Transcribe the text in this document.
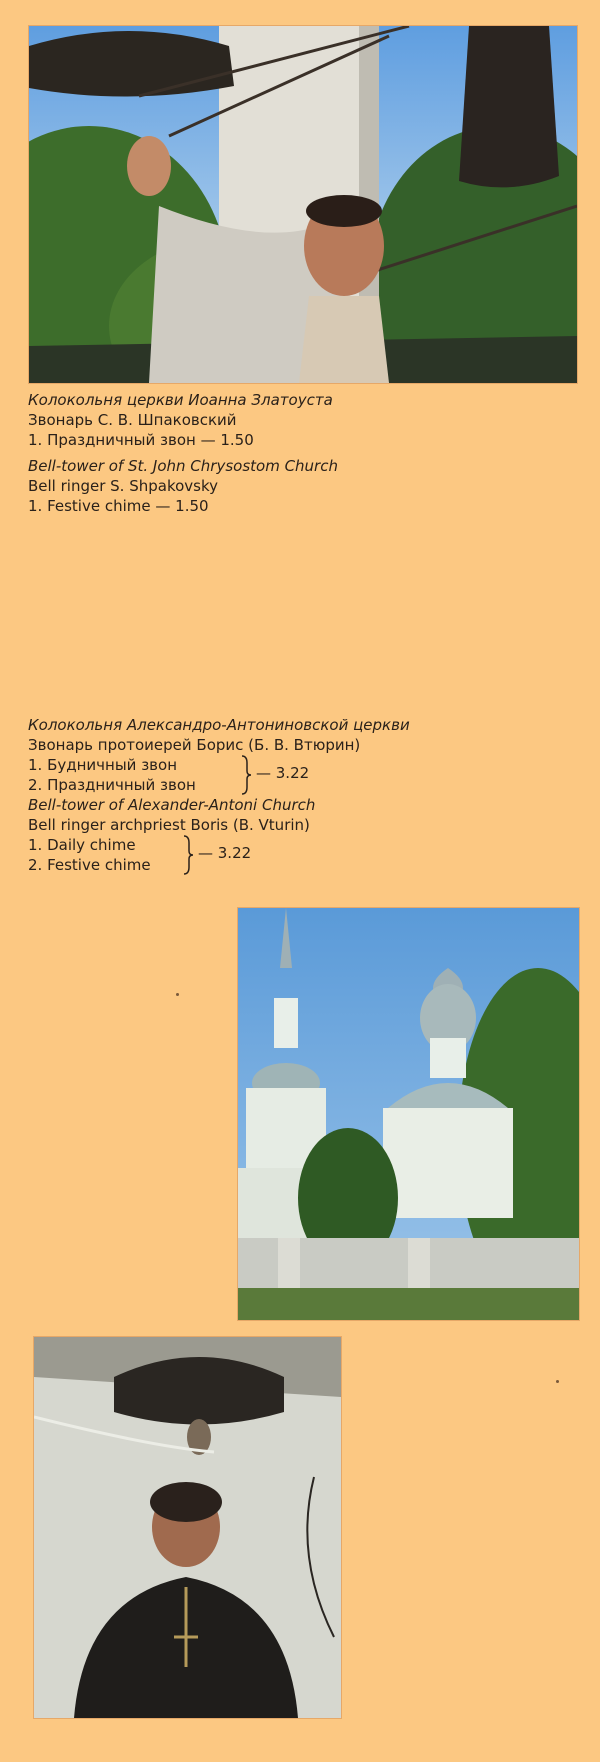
Колокольня церкви Иоанна Златоуста
Звонарь С. В. Шпаковский
1. Праздничный звон — 1.50
Bell-tower of St. John Chrysostom Church
Bell ringer S. Shpakovsky
1. Festive chime — 1.50
Колокольня Александро-Антониновской церкви
Звонарь протоиерей Борис (Б. В. Втюрин)
1. Будничный звон
2. Праздничный звон
— 3.22
Bell-tower of Alexander-Antoni Church
Bell ringer archpriest Boris (B. Vturin)
1. Daily chime
2. Festive chime
— 3.22
